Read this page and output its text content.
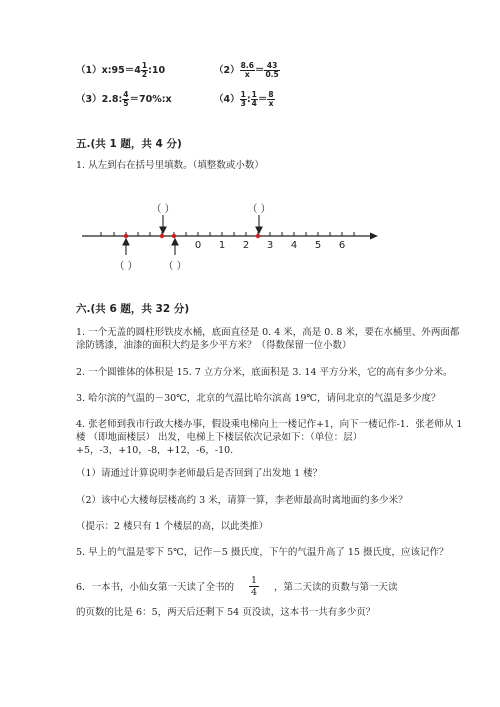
（1）x:95＝4 $\frac{1}{2}$ :10	$(2) \frac{8.6}{x} = \frac{43}{0.5}$
（3）2.8: $\frac{4}{5}$ ＝70%:x	$(4) \frac{1}{3}$ : $\frac{1}{4} = \frac{8}{x}$
五.(共 1 题，共 4 分)
1. 从左到右在括号里填数。（填整数或小数）
0 1 2 3 4 5 6
（ ）	（ ）
（ ）	（ ）
六.(共 6 题，共 32 分)
1. 一个无盖的圆柱形铁皮水桶，底面直径是 0. 4 米，高是 0. 8 米，要在水桶里、外两面都涂防锈漆，油漆的面积大约是多少平方米？（得数保留一位小数）
2. 一个圆锥体的体积是 15. 7 立方分米，底面积是 3. 14 平方分米，它的高有多少分米。
3. 哈尔滨的气温的－30℃，北京的气温比哈尔滨高 19℃，请问北京的气温是多少度？
4. 张老师到我市行政大楼办事，假设乘电梯向上一楼记作+1，向下一楼记作-1．张老师从 1 楼 （即地面楼层） 出发，电梯上下楼层依次记录如下：（单位：层）+5，-3，+10，-8，+12，-6，-10.
（1）请通过计算说明李老师最后是否回到了出发地 1 楼？
（2）该中心大楼每层楼高约 3 米，请算一算，李老师最高时离地面约多少米？
（提示：2 楼只有 1 个楼层的高，以此类推）
5. 早上的气温是零下 5℃，记作－5 摄氏度，下午的气温升高了 15 摄氏度，应该记作？
6．一本书，小仙女第一天读了全书的 $\frac{1}{4}$ ，第二天读的页数与第一天读
的页数的比是 6：5，两天后还剩下 54 页没读，这本书一共有多少页？
